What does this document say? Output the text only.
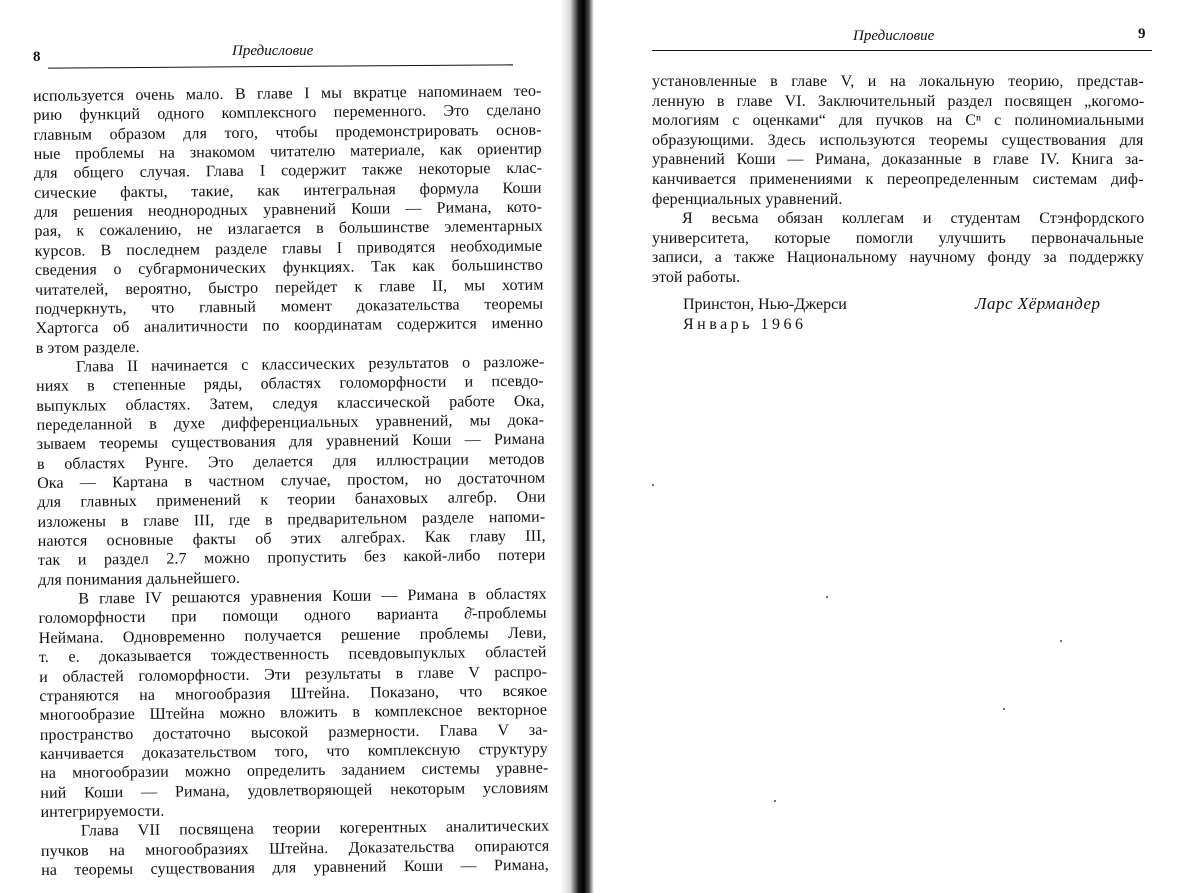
8	Предисловие
используется очень мало. В главе I мы вкратце напоминаем тео-
рию функций одного комплексного переменного. Это сделано
главным образом для того, чтобы продемонстрировать основ-
ные проблемы на знакомом читателю материале, как ориентир
для общего случая. Глава I содержит также некоторые клас-
сические факты, такие, как интегральная формула Коши
для решения неоднородных уравнений Коши — Римана, кото-
рая, к сожалению, не излагается в большинстве элементарных
курсов. В последнем разделе главы I приводятся необходимые
сведения о субгармонических функциях. Так как большинство
читателей, вероятно, быстро перейдет к главе II, мы хотим
подчеркнуть, что главный момент доказательства теоремы
Хартогса об аналитичности по координатам содержится именно
в этом разделе.
Глава II начинается с классических результатов о разложе-
ниях в степенные ряды, областях голоморфности и псевдо-
выпуклых областях. Затем, следуя классической работе Ока,
переделанной в духе дифференциальных уравнений, мы дока-
зываем теоремы существования для уравнений Коши — Римана
в областях Рунге. Это делается для иллюстрации методов
Ока — Картана в частном случае, простом, но достаточном
для главных применений к теории банаховых алгебр. Они
изложены в главе III, где в предварительном разделе напоми-
наются основные факты об этих алгебрах. Как главу III,
так и раздел 2.7 можно пропустить без какой-либо потери
для понимания дальнейшего.
В главе IV решаются уравнения Коши — Римана в областях
голоморфности при помощи одного варианта ∂̄-проблемы
Неймана. Одновременно получается решение проблемы Леви,
т. е. доказывается тождественность псевдовыпуклых областей
и областей голоморфности. Эти результаты в главе V распро-
страняются на многообразия Штейна. Показано, что всякое
многообразие Штейна можно вложить в комплексное векторное
пространство достаточно высокой размерности. Глава V за-
канчивается доказательством того, что комплексную структуру
на многообразии можно определить заданием системы уравне-
ний Коши — Римана, удовлетворяющей некоторым условиям
интегрируемости.
Глава VII посвящена теории когерентных аналитических
пучков на многообразиях Штейна. Доказательства опираются
на теоремы существования для уравнений Коши — Римана,
Предисловие	9
установленные в главе V, и на локальную теорию, представ-
ленную в главе VI. Заключительный раздел посвящен „когомо-
мологиям с оценками“ для пучков на Cⁿ с полиномиальными
образующими. Здесь используются теоремы существования для
уравнений Коши — Римана, доказанные в главе IV. Книга за-
канчивается применениями к переопределенным системам диф-
ференциальных уравнений.
Я весьма обязан коллегам и студентам Стэнфордского
университета, которые помогли улучшить первоначальные
записи, а также Национальному научному фонду за поддержку
этой работы.
Принстон, Нью-Джерси
Январь 1966
Ларс Хёрмандер
